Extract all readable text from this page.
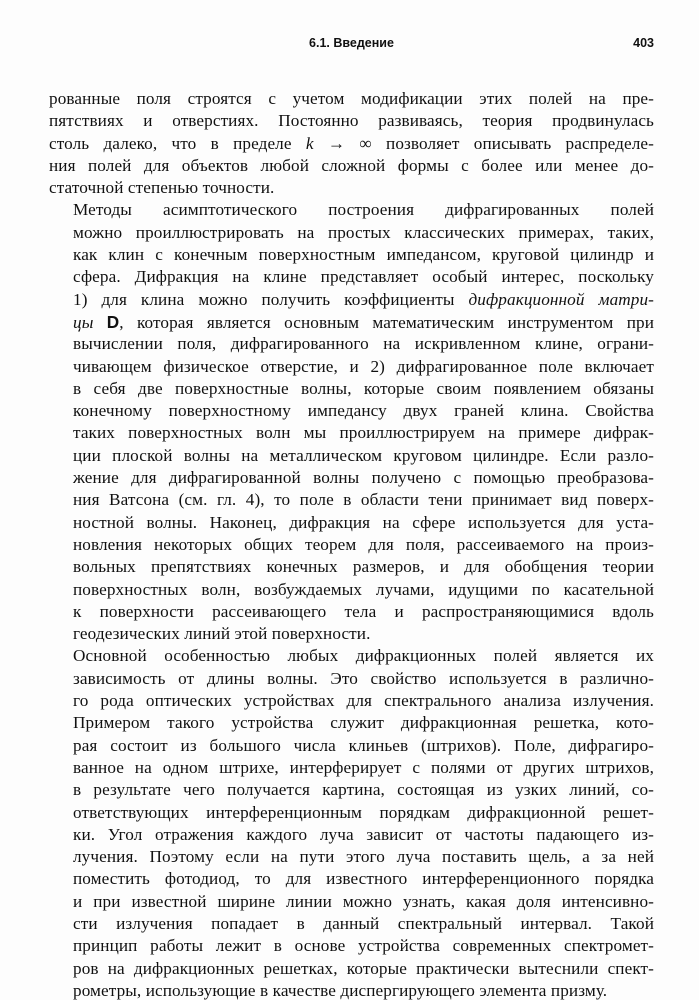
6.1. Введение	403

рованные поля строятся с учетом модификации этих полей на пре-
пятствиях и отверстиях. Постоянно развиваясь, теория продвинулась
столь далеко, что в пределе k → ∞ позволяет описывать распределе-
ния полей для объектов любой сложной формы с более или менее до-
статочной степенью точности.

Методы асимптотического построения дифрагированных полей
можно проиллюстрировать на простых классических примерах, таких,
как клин с конечным поверхностным импедансом, круговой цилиндр и
сфера. Дифракция на клине представляет особый интерес, поскольку
1) для клина можно получить коэффициенты дифракционной матри-
цы D, которая является основным математическим инструментом при
вычислении поля, дифрагированного на искривленном клине, ограни-
чивающем физическое отверстие, и 2) дифрагированное поле включает
в себя две поверхностные волны, которые своим появлением обязаны
конечному поверхностному импедансу двух граней клина. Свойства
таких поверхностных волн мы проиллюстрируем на примере дифрак-
ции плоской волны на металлическом круговом цилиндре. Если разло-
жение для дифрагированной волны получено с помощью преобразова-
ния Ватсона (см. гл. 4), то поле в области тени принимает вид поверх-
ностной волны. Наконец, дифракция на сфере используется для уста-
новления некоторых общих теорем для поля, рассеиваемого на произ-
вольных препятствиях конечных размеров, и для обобщения теории
поверхностных волн, возбуждаемых лучами, идущими по касательной
к поверхности рассеивающего тела и распространяющимися вдоль
геодезических линий этой поверхности.

Основной особенностью любых дифракционных полей является их
зависимость от длины волны. Это свойство используется в различно-
го рода оптических устройствах для спектрального анализа излучения.
Примером такого устройства служит дифракционная решетка, кото-
рая состоит из большого числа клиньев (штрихов). Поле, дифрагиро-
ванное на одном штрихе, интерферирует с полями от других штрихов,
в результате чего получается картина, состоящая из узких линий, со-
ответствующих интерференционным порядкам дифракционной решет-
ки. Угол отражения каждого луча зависит от частоты падающего из-
лучения. Поэтому если на пути этого луча поставить щель, а за ней
поместить фотодиод, то для известного интерференционного порядка
и при известной ширине линии можно узнать, какая доля интенсивно-
сти излучения попадает в данный спектральный интервал. Такой
принцип работы лежит в основе устройства современных спектромет-
ров на дифракционных решетках, которые практически вытеснили спект-
рометры, использующие в качестве диспергирующего элемента призму.
